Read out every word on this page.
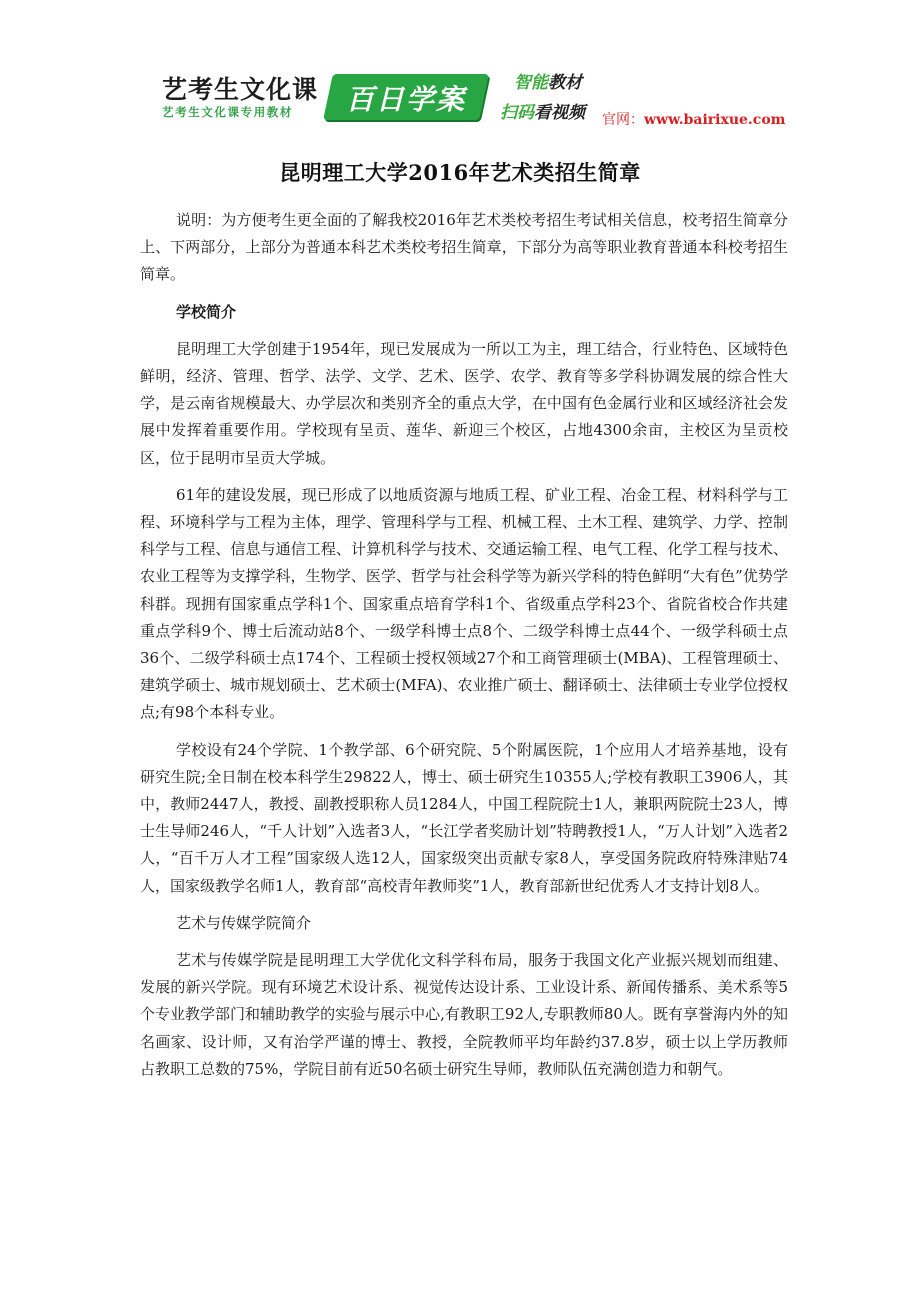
艺考生文化课
艺考生文化课专用教材	百日学案	智能教材
扫码看视频 官网：www.bairixue.com
昆明理工大学2016年艺术类招生简章

说明：为方便考生更全面的了解我校2016年艺术类校考招生考试相关信息，校考招生简章分上、下两部分，上部分为普通本科艺术类校考招生简章，下部分为高等职业教育普通本科校考招生简章。

学校简介

昆明理工大学创建于1954年，现已发展成为一所以工为主，理工结合，行业特色、区域特色鲜明，经济、管理、哲学、法学、文学、艺术、医学、农学、教育等多学科协调发展的综合性大学，是云南省规模最大、办学层次和类别齐全的重点大学，在中国有色金属行业和区域经济社会发展中发挥着重要作用。学校现有呈贡、莲华、新迎三个校区，占地4300余亩，主校区为呈贡校区，位于昆明市呈贡大学城。

61年的建设发展，现已形成了以地质资源与地质工程、矿业工程、冶金工程、材料科学与工程、环境科学与工程为主体，理学、管理科学与工程、机械工程、土木工程、建筑学、力学、控制科学与工程、信息与通信工程、计算机科学与技术、交通运输工程、电气工程、化学工程与技术、农业工程等为支撑学科，生物学、医学、哲学与社会科学等为新兴学科的特色鲜明“大有色”优势学科群。现拥有国家重点学科1个、国家重点培育学科1个、省级重点学科23个、省院省校合作共建重点学科9个、博士后流动站8个、一级学科博士点8个、二级学科博士点44个、一级学科硕士点36个、二级学科硕士点174个、工程硕士授权领域27个和工商管理硕士(MBA)、工程管理硕士、建筑学硕士、城市规划硕士、艺术硕士(MFA)、农业推广硕士、翻译硕士、法律硕士专业学位授权点;有98个本科专业。

学校设有24个学院、1个教学部、6个研究院、5个附属医院，1个应用人才培养基地，设有研究生院;全日制在校本科学生29822人，博士、硕士研究生10355人;学校有教职工3906人，其中，教师2447人，教授、副教授职称人员1284人，中国工程院院士1人，兼职两院院士23人，博士生导师246人，“千人计划”入选者3人，“长江学者奖励计划”特聘教授1人，“万人计划”入选者2人，“百千万人才工程”国家级人选12人，国家级突出贡献专家8人，享受国务院政府特殊津贴74人，国家级教学名师1人，教育部“高校青年教师奖”1人，教育部新世纪优秀人才支持计划8人。

艺术与传媒学院简介

艺术与传媒学院是昆明理工大学优化文科学科布局，服务于我国文化产业振兴规划而组建、发展的新兴学院。现有环境艺术设计系、视觉传达设计系、工业设计系、新闻传播系、美术系等5个专业教学部门和辅助教学的实验与展示中心,有教职工92人,专职教师80人。既有享誉海内外的知名画家、设计师，又有治学严谨的博士、教授，全院教师平均年龄约37.8岁，硕士以上学历教师占教职工总数的75%，学院目前有近50名硕士研究生导师，教师队伍充满创造力和朝气。
